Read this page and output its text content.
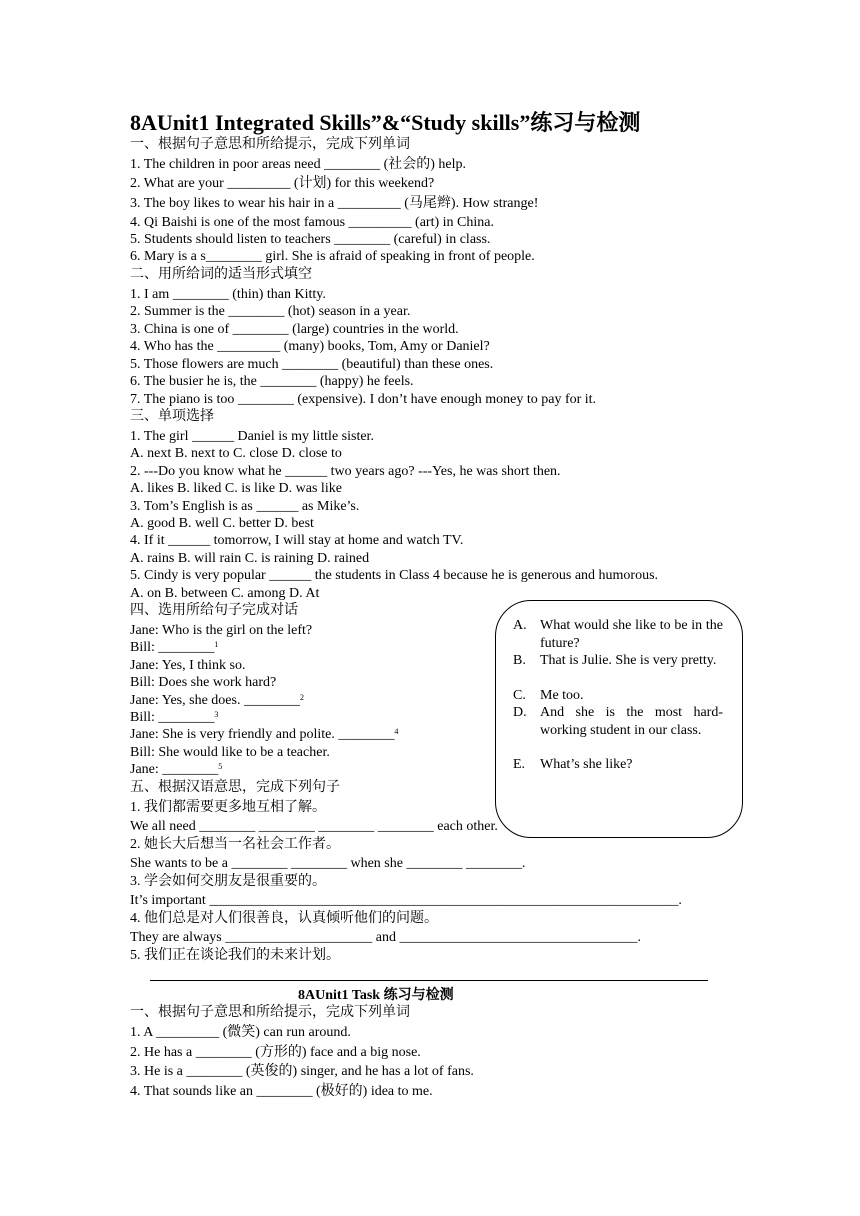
8AUnit1 Integrated Skills”&“Study skills”练习与检测
一、根据句子意思和所给提示，完成下列单词
1. The children in poor areas need ________ (社会的) help.
2. What are your _________ (计划) for this weekend?
3. The boy likes to wear his hair in a _________ (马尾辫). How strange!
4. Qi Baishi is one of the most famous _________ (art) in China.
5. Students should listen to teachers ________ (careful) in class.
6. Mary is a s________ girl. She is afraid of speaking in front of people.
二、用所给词的适当形式填空
1. I am ________ (thin) than Kitty.
2. Summer is the ________ (hot) season in a year.
3. China is one of ________ (large) countries in the world.
4. Who has the _________ (many) books, Tom, Amy or Daniel?
5. Those flowers are much ________ (beautiful) than these ones.
6. The busier he is, the ________ (happy) he feels.
7. The piano is too ________ (expensive). I don’t have enough money to pay for it.
三、单项选择
1. The girl ______ Daniel is my little sister.
A. next B. next to C. close D. close to
2. ---Do you know what he ______ two years ago? ---Yes, he was short then.
A. likes B. liked C. is like D. was like
3. Tom’s English is as ______ as Mike’s.
A. good B. well C. better D. best
4. If it ______ tomorrow, I will stay at home and watch TV.
A. rains B. will rain C. is raining D. rained
5. Cindy is very popular ______ the students in Class 4 because he is generous and humorous.
A. on B. between C. among D. At
四、选用所给句子完成对话
Jane: Who is the girl on the left?
Bill: ________$^1$
Jane: Yes, I think so.
Bill: Does she work hard?
Jane: Yes, she does. ________$^2$
Bill: ________$^3$
Jane: She is very friendly and polite. ________$^4$
Bill: She would like to be a teacher.
Jane: ________$^5$
五、根据汉语意思，完成下列句子
1. 我们都需要更多地互相了解。
We all need ________ ________ ________ ________ each other.
2. 她长大后想当一名社会工作者。
She wants to be a ________ ________ when she ________ ________.
3. 学会如何交朋友是很重要的。
It’s important ___________________________________________________________________.
4. 他们总是对人们很善良，认真倾听他们的问题。
They are always _____________________ and __________________________________.
5. 我们正在谈论我们的未来计划。
8AUnit1 Task 练习与检测
一、根据句子意思和所给提示，完成下列单词
1. A _________ (微笑) can run around.
2. He has a ________ (方形的) face and a big nose.
3. He is a ________ (英俊的) singer, and he has a lot of fans.
4. That sounds like an ________ (极好的) idea to me.
A. What would she like to be in the future?
B. That is Julie. She is very pretty.
C. Me too.
D. And she is the most hard-working student in our class.
E. What’s she like?
